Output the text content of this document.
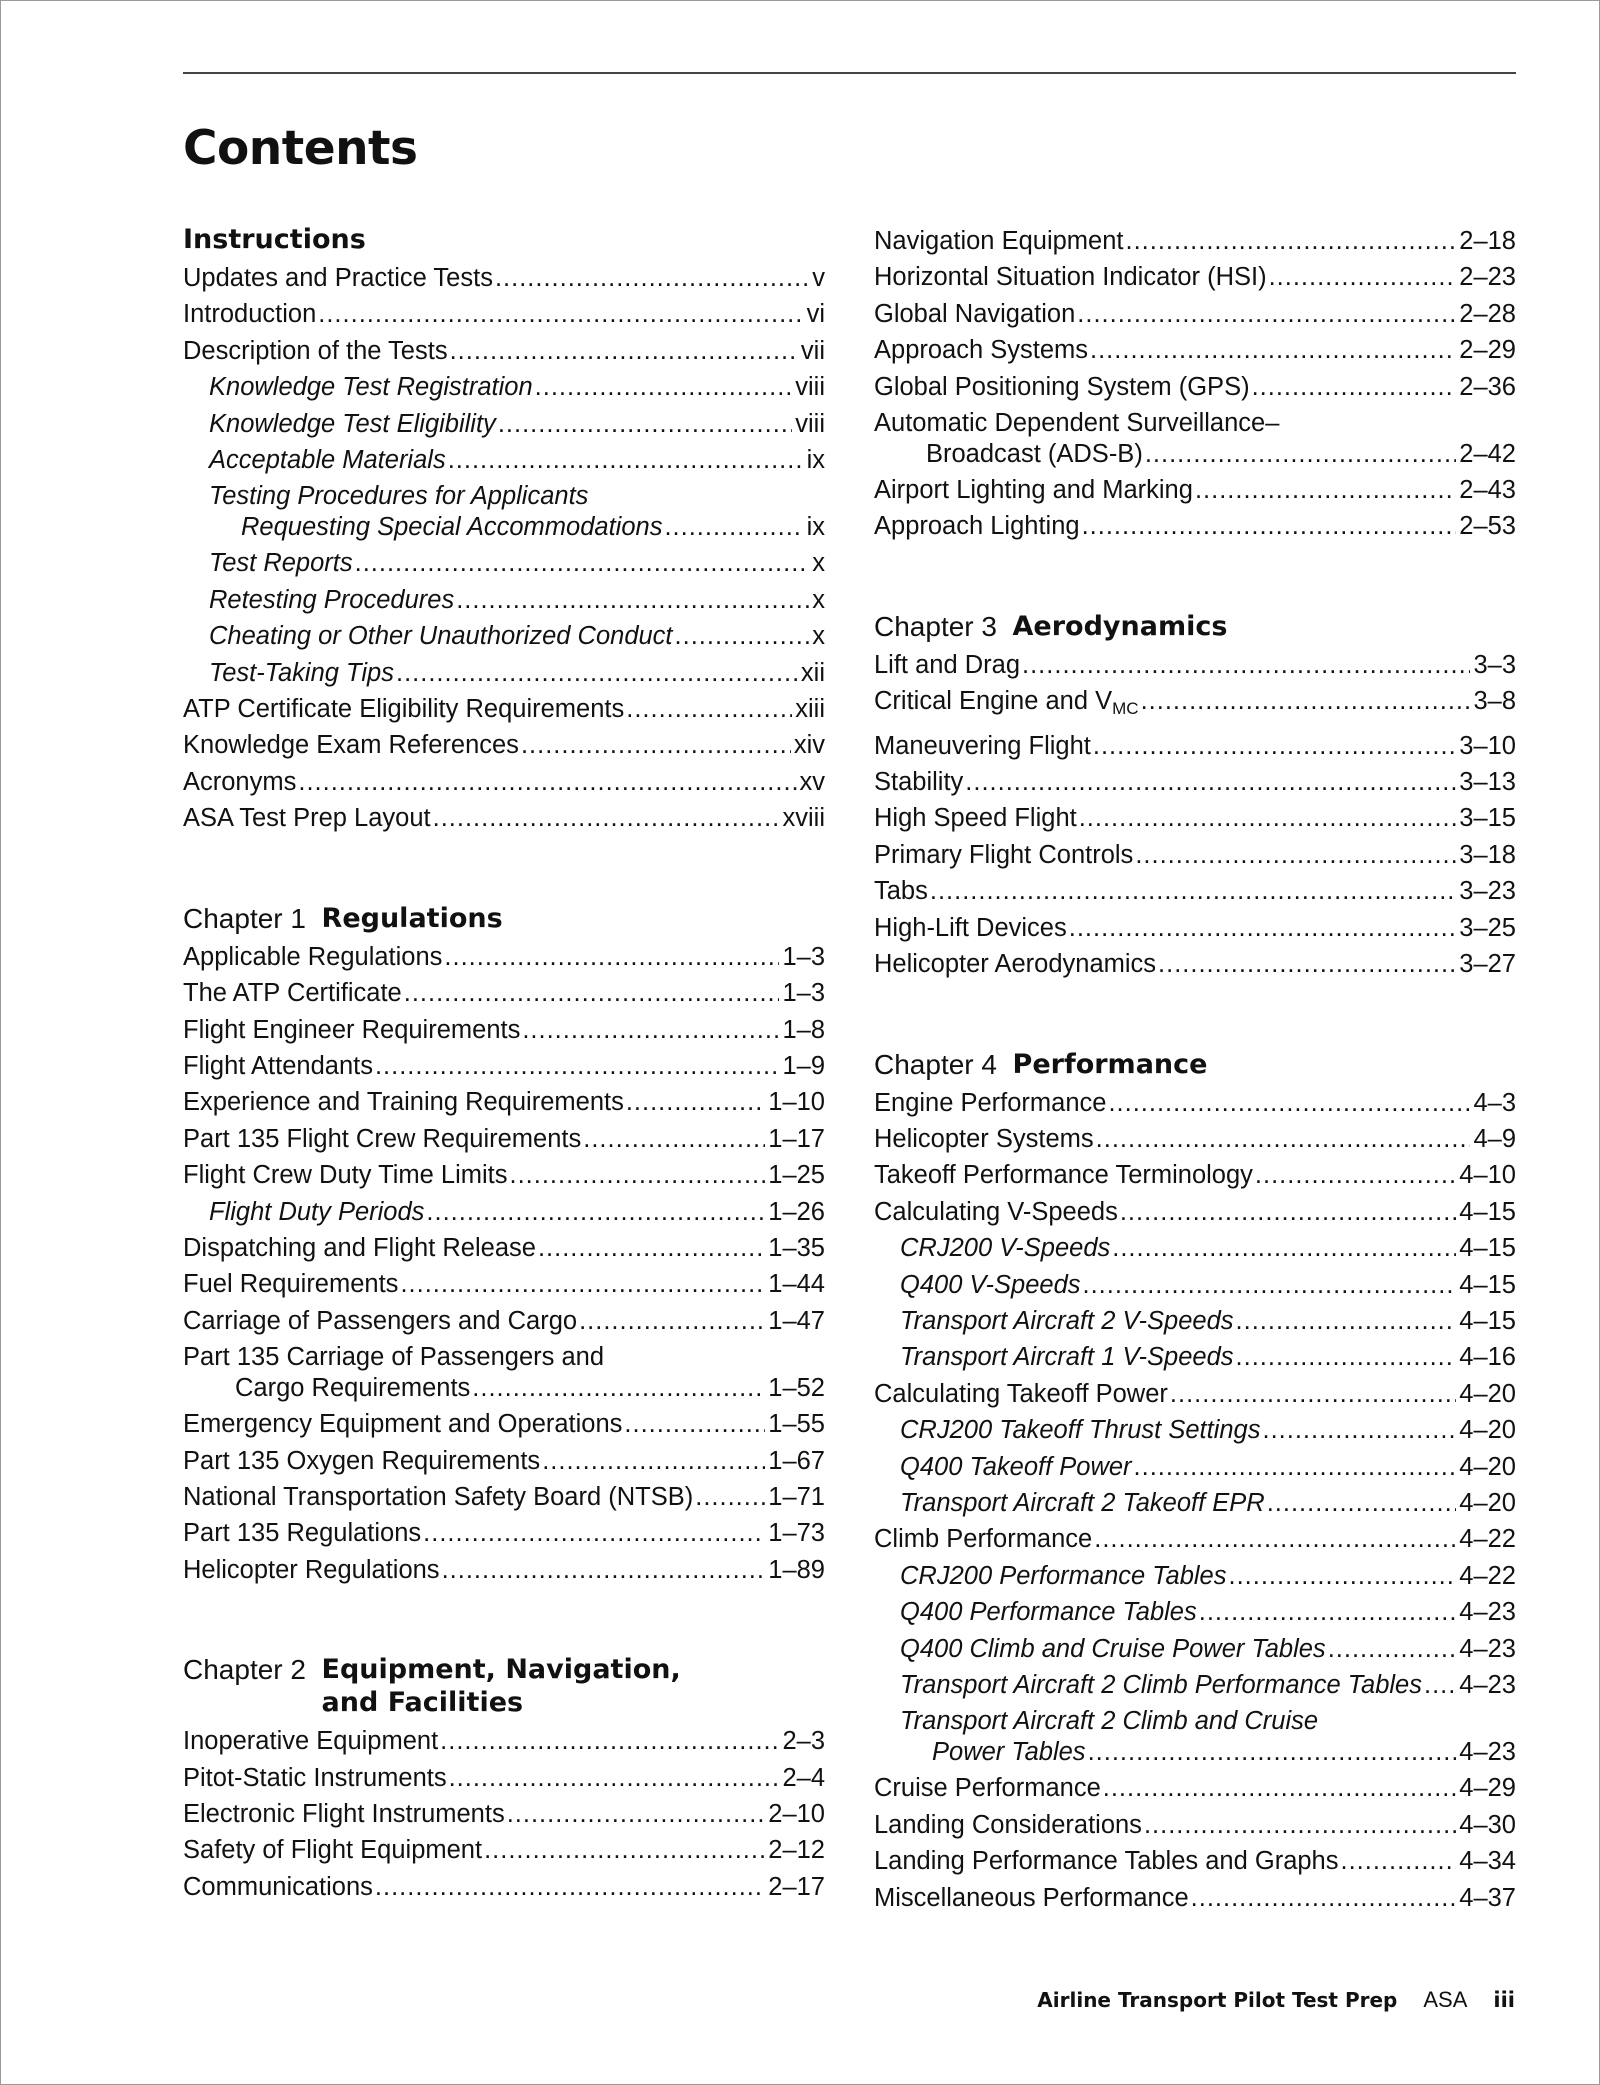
Contents
Instructions
Updates and Practice Tests .....	v
Introduction .....	vi
Description of the Tests .....	vii
Knowledge Test Registration .....	viii
Knowledge Test Eligibility .....	viii
Acceptable Materials .....	ix
Testing Procedures for Applicants
Requesting Special Accommodations .....	ix
Test Reports .....	x
Retesting Procedures .....	x
Cheating or Other Unauthorized Conduct .....	x
Test-Taking Tips .....	xii
ATP Certificate Eligibility Requirements .....	xiii
Knowledge Exam References .....	xiv
Acronyms .....	xv
ASA Test Prep Layout .....	xviii
Chapter 1
Regulations
Applicable Regulations .....	1–3
The ATP Certificate .....	1–3
Flight Engineer Requirements .....	1–8
Flight Attendants .....	1–9
Experience and Training Requirements .....	1–10
Part 135 Flight Crew Requirements .....	1–17
Flight Crew Duty Time Limits .....	1–25
Flight Duty Periods .....	1–26
Dispatching and Flight Release .....	1–35
Fuel Requirements .....	1–44
Carriage of Passengers and Cargo .....	1–47
Part 135 Carriage of Passengers and
Cargo Requirements .....	1–52
Emergency Equipment and Operations .....	1–55
Part 135 Oxygen Requirements .....	1–67
National Transportation Safety Board (NTSB) .....	1–71
Part 135 Regulations .....	1–73
Helicopter Regulations .....	1–89
Chapter 2
Equipment, Navigation,
and Facilities
Inoperative Equipment .....	2–3
Pitot-Static Instruments .....	2–4
Electronic Flight Instruments .....	2–10
Safety of Flight Equipment .....	2–12
Communications .....	2–17
Navigation Equipment .....	2–18
Horizontal Situation Indicator (HSI) .....	2–23
Global Navigation .....	2–28
Approach Systems .....	2–29
Global Positioning System (GPS) .....	2–36
Automatic Dependent Surveillance–
Broadcast (ADS-B) .....	2–42
Airport Lighting and Marking .....	2–43
Approach Lighting .....	2–53
Chapter 3
Aerodynamics
Lift and Drag .....	3–3
Critical Engine and $V_{MC}$ .....	3–8
Maneuvering Flight .....	3–10
Stability .....	3–13
High Speed Flight .....	3–15
Primary Flight Controls .....	3–18
Tabs .....	3–23
High-Lift Devices .....	3–25
Helicopter Aerodynamics .....	3–27
Chapter 4
Performance
Engine Performance .....	4–3
Helicopter Systems .....	4–9
Takeoff Performance Terminology .....	4–10
Calculating V-Speeds .....	4–15
CRJ200 V-Speeds .....	4–15
Q400 V-Speeds .....	4–15
Transport Aircraft 2 V-Speeds .....	4–15
Transport Aircraft 1 V-Speeds .....	4–16
Calculating Takeoff Power .....	4–20
CRJ200 Takeoff Thrust Settings .....	4–20
Q400 Takeoff Power .....	4–20
Transport Aircraft 2 Takeoff EPR .....	4–20
Climb Performance .....	4–22
CRJ200 Performance Tables .....	4–22
Q400 Performance Tables .....	4–23
Q400 Climb and Cruise Power Tables .....	4–23
Transport Aircraft 2 Climb Performance Tables ..... 4–23
Transport Aircraft 2 Climb and Cruise
Power Tables .....	4–23
Cruise Performance .....	4–29
Landing Considerations .....	4–30
Landing Performance Tables and Graphs .....	4–34
Miscellaneous Performance .....	4–37
Airline Transport Pilot Test Prep ASA iii
